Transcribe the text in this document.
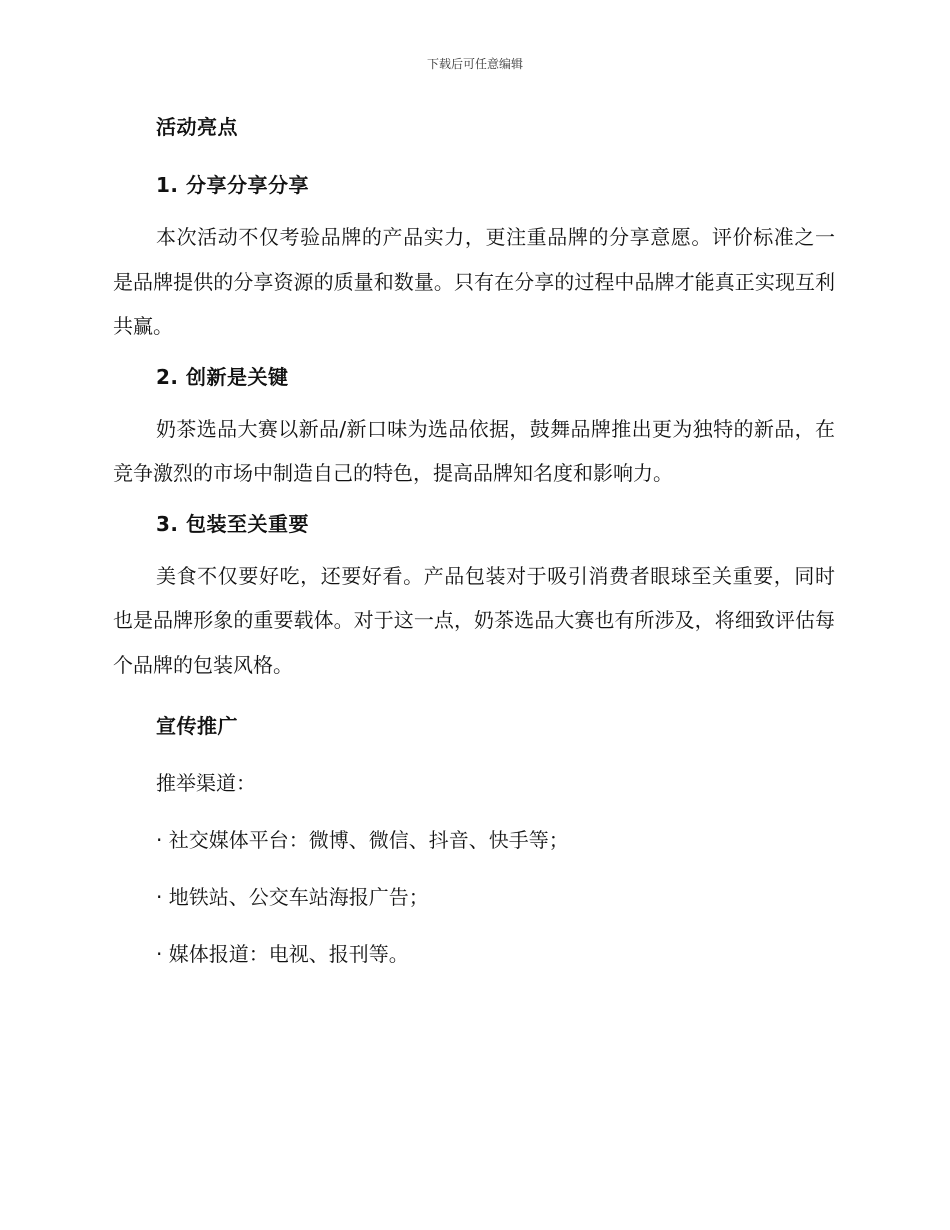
下载后可任意编辑
活动亮点
1. 分享分享分享

本次活动不仅考验品牌的产品实力，更注重品牌的分享意愿。评价标准之一是品牌提供的分享资源的质量和数量。只有在分享的过程中品牌才能真正实现互利共赢。

2. 创新是关键

奶茶选品大赛以新品/新口味为选品依据，鼓舞品牌推出更为独特的新品，在竞争激烈的市场中制造自己的特色，提高品牌知名度和影响力。

3. 包装至关重要

美食不仅要好吃，还要好看。产品包装对于吸引消费者眼球至关重要，同时也是品牌形象的重要载体。对于这一点，奶茶选品大赛也有所涉及，将细致评估每个品牌的包装风格。

宣传推广
推举渠道：
· 社交媒体平台：微博、微信、抖音、快手等；
· 地铁站、公交车站海报广告；
· 媒体报道：电视、报刊等。
